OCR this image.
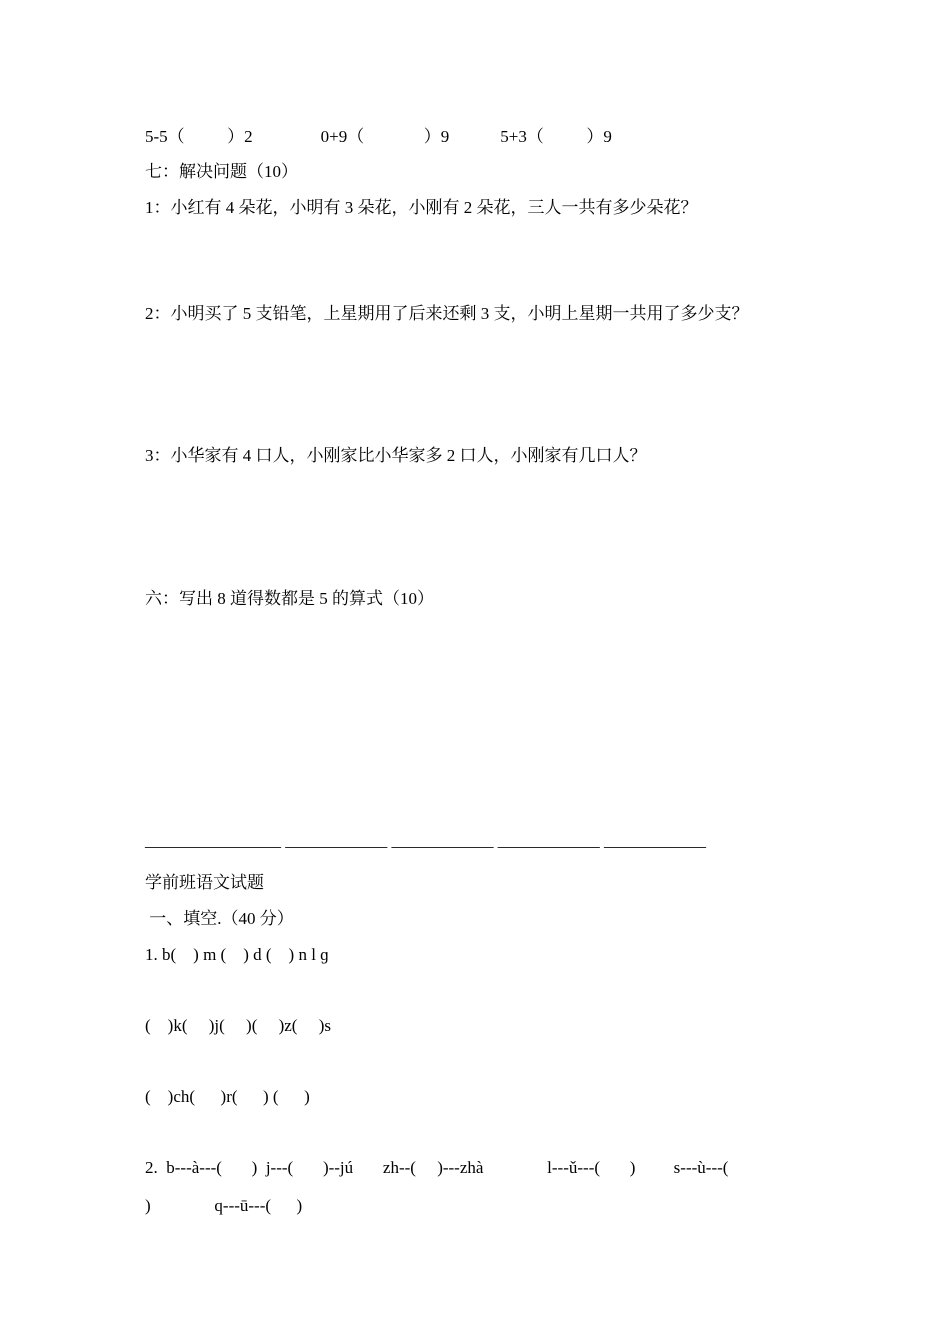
5-5（          ）2                0+9（              ）9            5+3（          ）9
七：解决问题（10）
1：小红有 4 朵花，小明有 3 朵花，小刚有 2 朵花，三人一共有多少朵花？
2：小明买了 5 支铅笔，上星期用了后来还剩 3 支，小明上星期一共用了多少支？
3：小华家有 4 口人，小刚家比小华家多 2 口人，小刚家有几口人？
六：写出 8 道得数都是 5 的算式（10）
________________ ____________ ____________ ____________ ____________
学前班语文试题
一、填空.（40 分）
1. b(    ) m (    ) d (    ) n l ɡ
(    )k(     )j(     )(     )z(     )s
(    )ch(      )r(      ) (      )
2.  b---à---(       )  j---(       )--jú       zh--(     )---zhà               l---ǔ---(       )         s---ù---(
)               q---ū---(      )
